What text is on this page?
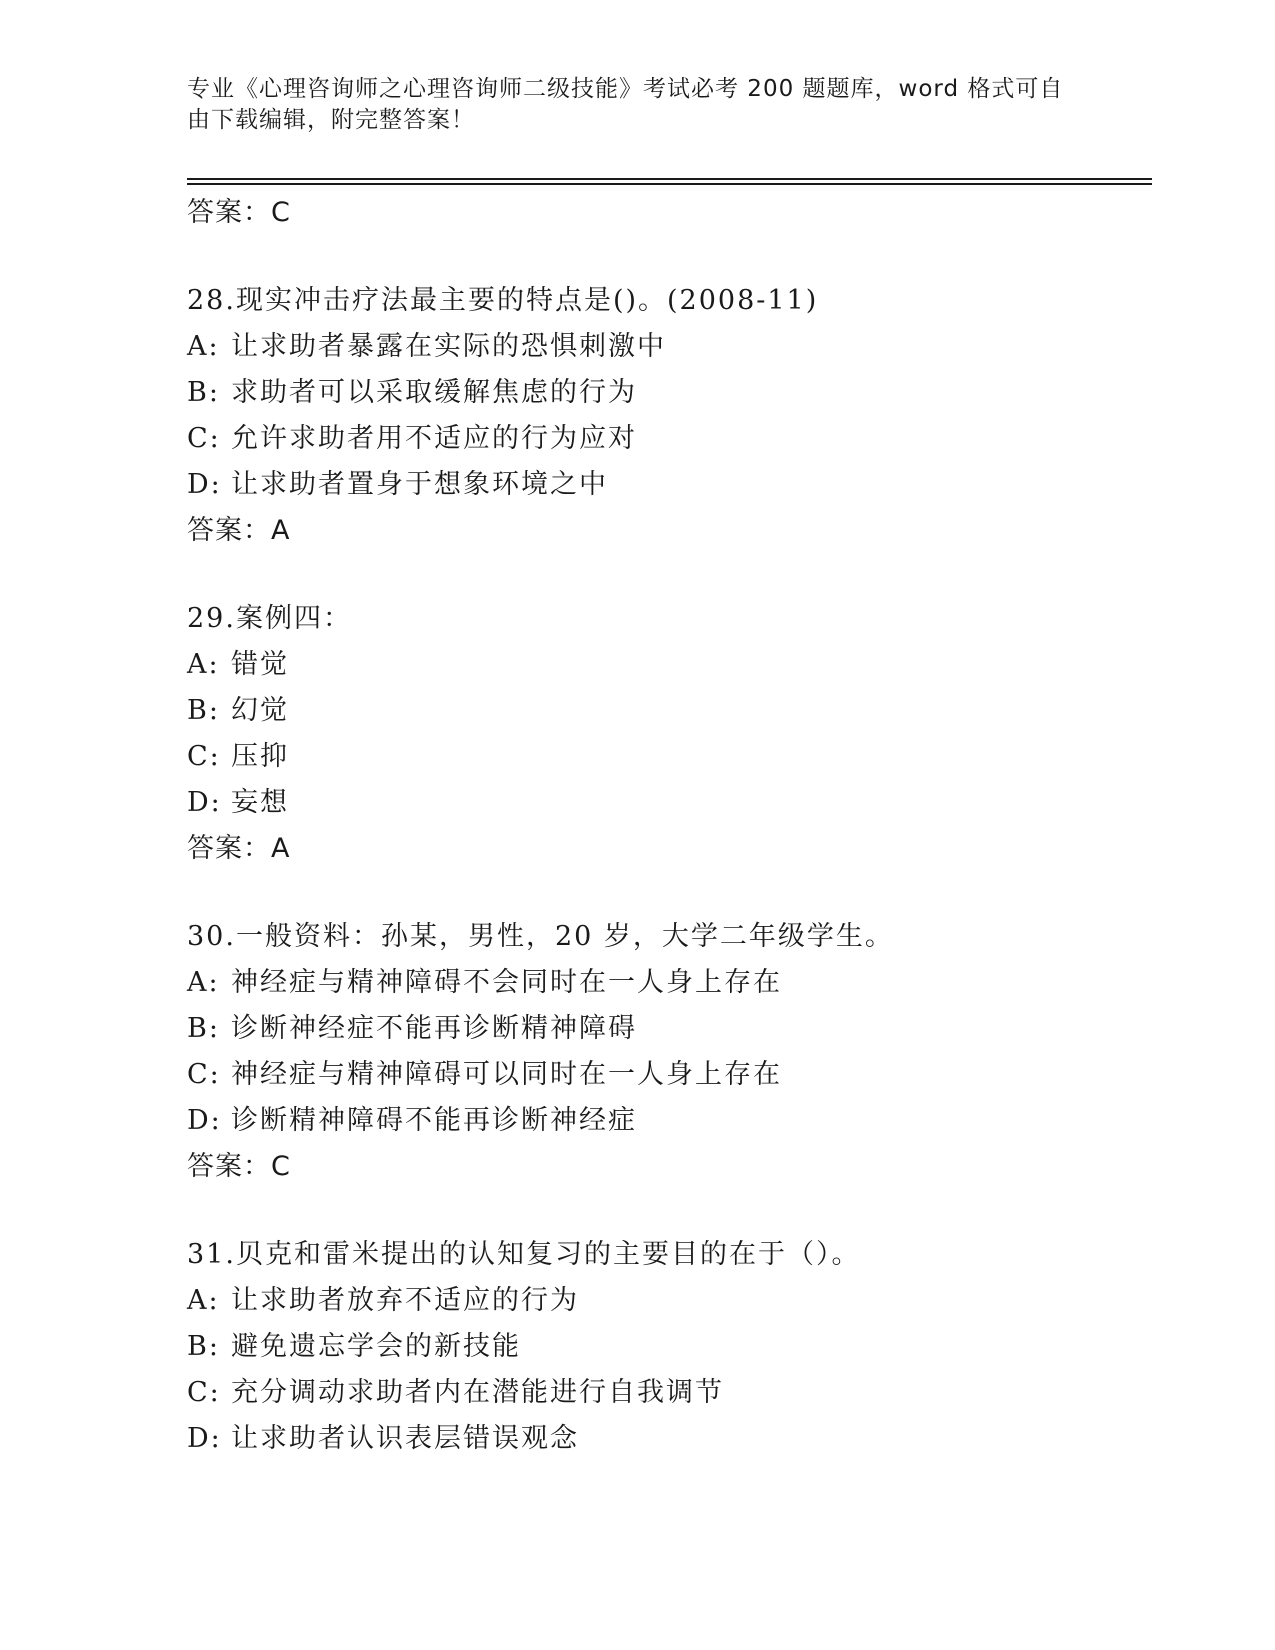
专业《心理咨询师之心理咨询师二级技能》考试必考 200 题题库，word 格式可自
由下载编辑，附完整答案！
答案：C
28.现实冲击疗法最主要的特点是()。(2008-11)
A: 让求助者暴露在实际的恐惧刺激中
B: 求助者可以采取缓解焦虑的行为
C: 允许求助者用不适应的行为应对
D: 让求助者置身于想象环境之中
答案：A
29.案例四：
A: 错觉
B: 幻觉
C: 压抑
D: 妄想
答案：A
30.一般资料：孙某，男性，20 岁，大学二年级学生。
A: 神经症与精神障碍不会同时在一人身上存在
B: 诊断神经症不能再诊断精神障碍
C: 神经症与精神障碍可以同时在一人身上存在
D: 诊断精神障碍不能再诊断神经症
答案：C
31.贝克和雷米提出的认知复习的主要目的在于（）。
A: 让求助者放弃不适应的行为
B: 避免遗忘学会的新技能
C: 充分调动求助者内在潜能进行自我调节
D: 让求助者认识表层错误观念
